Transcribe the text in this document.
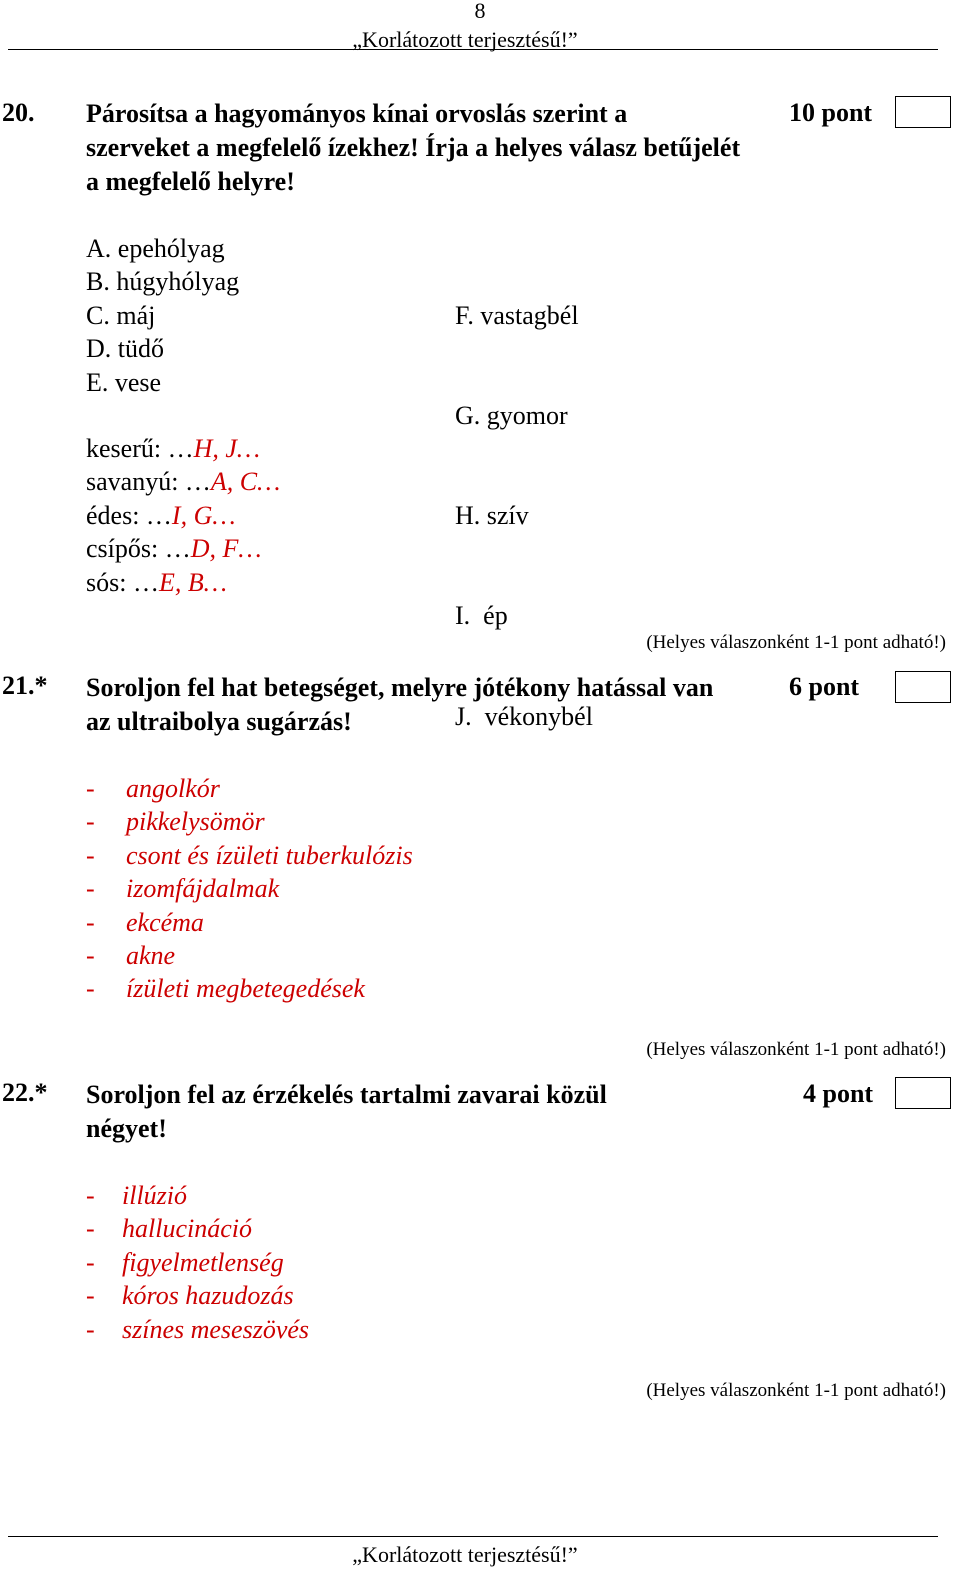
8
„Korlátozott terjesztésű!”
20. Párosítsa a hagyományos kínai orvoslás szerint a
szerveket a megfelelő ízekhez! Írja a helyes válasz betűjelét
a megfelelő helyre!
10 pont
A. epehólyag
B. húgyhólyag
C. máj
D. tüdő
E. vese

F. vastagbél

G. gyomor

H. szív

I.  ép

J.  vékonybél

keserű: …H, J…
savanyú: …A, C…
édes: …I, G…
csípős: …D, F…
sós: …E, B…
(Helyes válaszonként 1-1 pont adható!)
21.* Soroljon fel hat betegséget, melyre jótékony hatással van
az ultraibolya sugárzás!
6 pont
-	angolkór
-	pikkelysömör
-	csont és ízületi tuberkulózis
-	izomfájdalmak
-	ekcéma
-	akne
-	ízületi megbetegedések
(Helyes válaszonként 1-1 pont adható!)
22.* Soroljon fel az érzékelés tartalmi zavarai közül
négyet!
4 pont
-	illúzió
-	hallucináció
-	figyelmetlenség
-	kóros hazudozás
-	színes meseszövés
(Helyes válaszonként 1-1 pont adható!)
„Korlátozott terjesztésű!”
